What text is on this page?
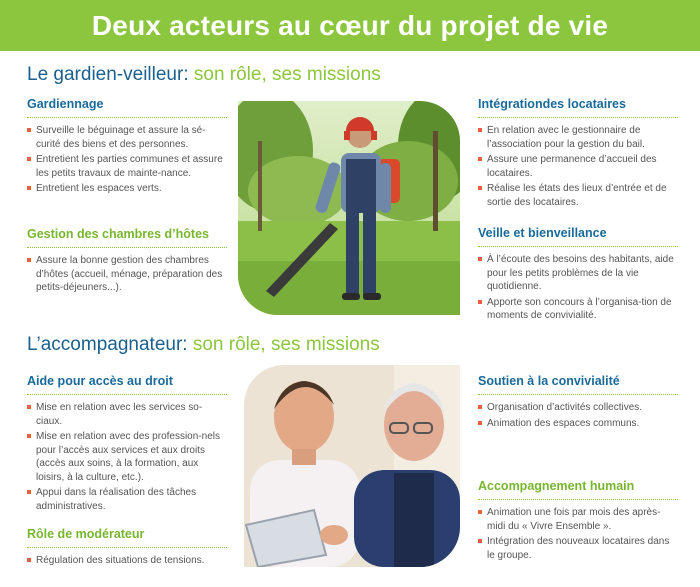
Deux acteurs au cœur du projet de vie
Le gardien-veilleur: son rôle, ses missions
Gardiennage
Surveille le béguinage et assure la sé-curité des biens et des personnes.
Entretient les parties communes et assure les petits travaux de mainte-nance.
Entretient les espaces verts.
Gestion des chambres d’hôtes
Assure la bonne gestion des chambres d’hôtes (accueil, ménage, préparation des petits-déjeuners...).
Intégrationdes locataires
En relation avec le gestionnaire de l’association pour la gestion du bail.
Assure une permanence d’accueil des locataires.
Réalise les états des lieux d’entrée et de sortie des locataires.
Veille et bienveillance
À l’écoute des besoins des habitants, aide pour les petits problèmes de la vie quotidienne.
Apporte son concours à l’organisa-tion de moments de convivialité.
L’accompagnateur: son rôle, ses missions
Aide pour accès au droit
Mise en relation avec les services so-ciaux.
Mise en relation avec des profession-nels pour l’accès aux services et aux droits (accès aux soins, à la formation, aux loisirs, à la culture, etc.).
Appui dans la réalisation des tâches administratives.
Rôle de modérateur
Régulation des situations de tensions.
Soutien à la convivialité
Organisation d’activités collectives.
Animation des espaces communs.
Accompagnement humain
Animation une fois par mois des après-midi du « Vivre Ensemble ».
Intégration des nouveaux locataires dans le groupe.
